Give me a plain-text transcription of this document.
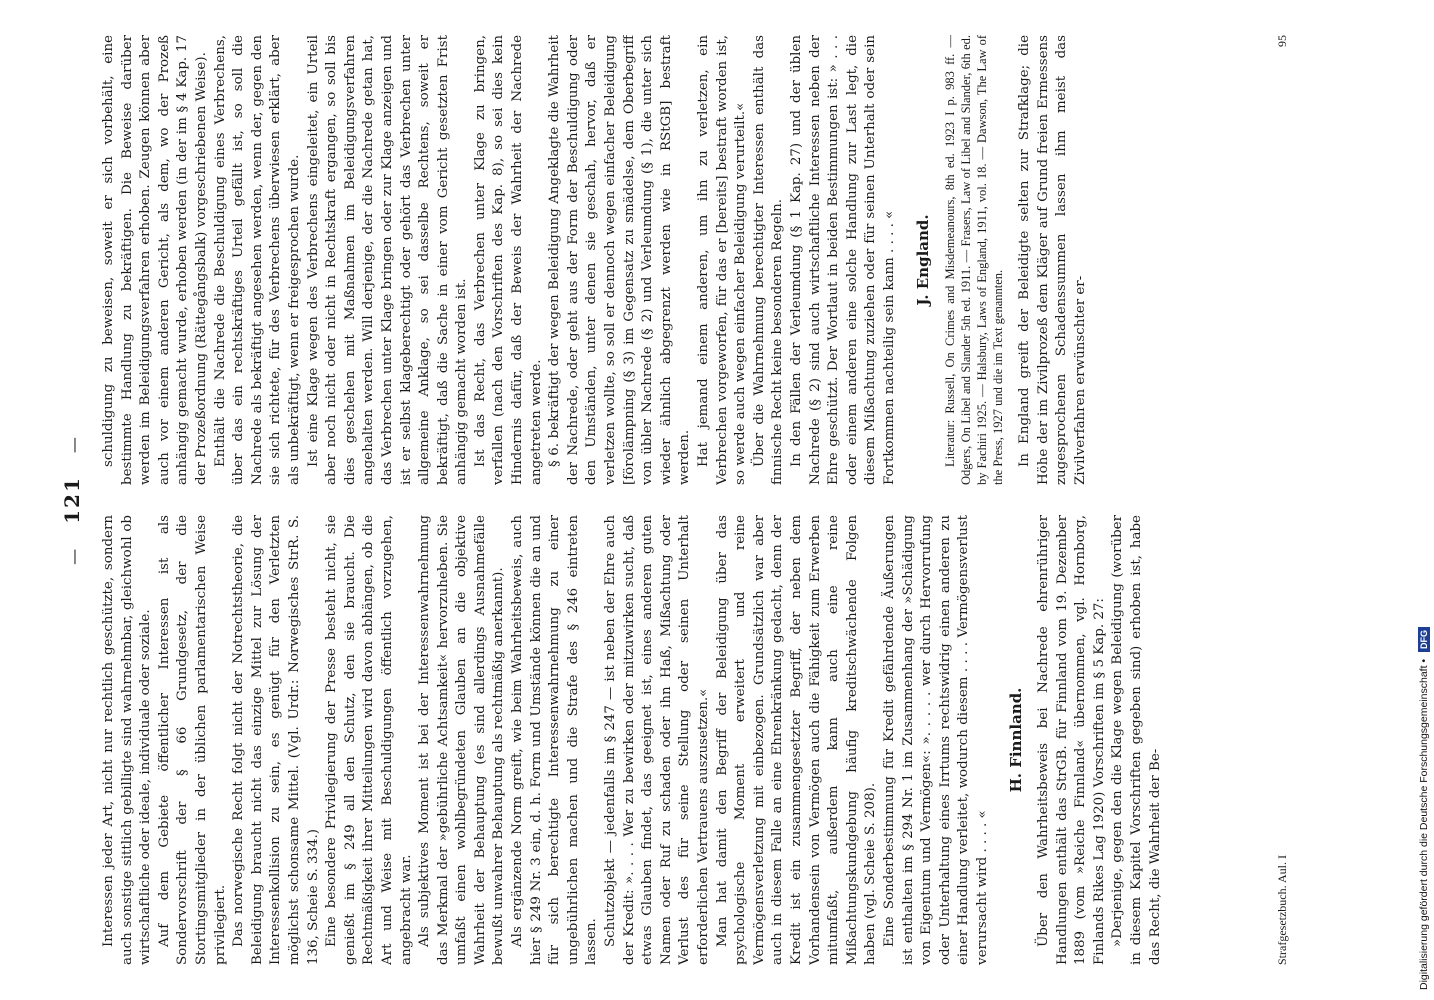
— 121 —

Interessen jeder Art, nicht nur rechtlich geschützte, sondern auch sonstige sittlich gebilligte sind wahrnehmbar, gleichwohl ob wirtschaftliche oder ideale, individuale oder soziale. Auf dem Gebiete öffentlicher Interessen ist als Sondervorschrift der § 66 Grundgesetz, der die Stortingsmitglieder in der üblichen parlamentarischen Weise privilegiert. Das norwegische Recht folgt nicht der Notrechtstheorie, die Beleidigung braucht nicht das einzige Mittel zur Lösung der Interessenkollision zu sein, es genügt für den Verletzten möglichst schonsame Mittel. (Vgl. Urdr.: Norwegisches StrR. S. 136, Scheie S. 334.) Eine besondere Privilegierung der Presse besteht nicht, sie genießt im § 249 all den Schutz, den sie braucht. Die Rechtmäßigkeit ihrer Mitteilungen wird davon abhängen, ob die Art und Weise mit Beschuldigungen öffentlich vorzugehen, angebracht war. Als subjektives Moment ist bei der Interessenwahrnehmung das Merkmal der »gebührliche Achtsamkeit« hervorzuheben. Sie umfaßt einen wohlbegründeten Glauben an die objektive Wahrheit der Behauptung (es sind allerdings Ausnahmefälle bewußt unwahrer Behauptung als rechtmäßig anerkannt). Als ergänzende Norm greift, wie beim Wahrheitsbeweis, auch hier § 249 Nr. 3 ein, d. h. Form und Umstände können die an und für sich berechtigte Interessenwahrnehmung zu einer ungebührlichen machen und die Strafe des § 246 eintreten lassen. Schutzobjekt — jedenfalls im § 247 — ist neben der Ehre auch der Kredit: ». . . . Wer zu bewirken oder mitzuwirken sucht, daß etwas Glauben findet, das geeignet ist, eines anderen guten Namen oder Ruf zu schaden oder ihn Haß, Mißachtung oder Verlust des für seine Stellung oder seinen Unterhalt erforderlichen Vertrauens auszusetzen.« Man hat damit den Begriff der Beleidigung über das psychologische Moment erweitert und reine Vermögensverletzung mit einbezogen. Grundsätzlich war aber auch in diesem Falle an eine Ehrenkränkung gedacht, denn der Kredit ist ein zusammengesetzter Begriff, der neben dem Vorhandensein von Vermögen auch die Fähigkeit zum Erwerben mitumfaßt, außerdem kann auch eine reine Mißachtungskundgebung häufig kreditschwächende Folgen haben (vgl. Scheie S. 208). Eine Sonderbestimmung für Kredit gefährdende Äußerungen ist enthalten im § 294 Nr. 1 im Zusammenhang der »Schädigung von Eigentum und Vermögen«: ». . . . . wer durch Hervorrufung oder Unterhaltung eines Irrtums rechtswidrig einen anderen zu einer Handlung verleitet, wodurch diesem . . . . Vermögensverlust verursacht wird . . . . «

H. Finnland. Über den Wahrheitsbeweis bei Nachrede ehrenrühriger Handlungen enthält das StrGB. für Finnland vom 19. Dezember 1889 (vom »Reiche Finnland« übernommen, vgl. Hornborg, Finlands Rikes Lag 1920) Vorschriften im § 5 Kap. 27: »Derjenige, gegen den die Klage wegen Beleidigung (worüber in diesem Kapitel Vorschriften gegeben sind) erhoben ist, habe das Recht, die Wahrheit der Be-

schuldigung zu beweisen, soweit er sich vorbehält, eine bestimmte Handlung zu bekräftigen. Die Beweise darüber werden im Beleidigungsverfahren erhoben. Zeugen können aber auch vor einem anderen Gericht, als dem, wo der Prozeß anhängig gemacht wurde, erhoben werden (in der im § 4 Kap. 17 der Prozeßordnung (Rättegångsbalk) vorgeschriebenen Weise). Enthält die Nachrede die Beschuldigung eines Verbrechens, über das ein rechtskräftiges Urteil gefällt ist, so soll die Nachrede als bekräftigt angesehen werden, wenn der, gegen den sie sich richtete, für des Verbrechens überwiesen erklärt, aber als unbekräftigt, wenn er freigesprochen wurde. Ist eine Klage wegen des Verbrechens eingeleitet, ein Urteil aber noch nicht oder nicht in Rechtskraft ergangen, so soll bis dies geschehen mit Maßnahmen im Beleidigungsverfahren angehalten werden. Will derjenige, der die Nachrede getan hat, das Verbrechen unter Klage bringen oder zur Klage anzeigen und ist er selbst klageberechtigt oder gehört das Verbrechen unter allgemeine Anklage, so sei dasselbe Rechtens, soweit er bekräftigt, daß die Sache in einer vom Gericht gesetzten Frist anhängig gemacht worden ist. Ist das Recht, das Verbrechen unter Klage zu bringen, verfallen (nach den Vorschriften des Kap. 8), so sei dies kein Hindernis dafür, daß der Beweis der Wahrheit der Nachrede angetreten werde. § 6. bekräftigt der wegen Beleidigung Angeklagte die Wahrheit der Nachrede, oder geht aus der Form der Beschuldigung oder den Umständen, unter denen sie geschah, hervor, daß er verletzen wollte, so soll er dennoch wegen einfacher Beleidigung [förolämpning (§ 3) im Gegensatz zu smädelse, dem Oberbegriff von übler Nachrede (§ 2) und Verleumdung (§ 1), die unter sich wieder ähnlich abgegrenzt werden wie in RStGB] bestraft werden. Hat jemand einem anderen, um ihn zu verletzen, ein Verbrechen vorgeworfen, für das er [bereits] bestraft worden ist, so werde auch wegen einfacher Beleidigung verurteilt.« Über die Wahrnehmung berechtigter Interessen enthält das finnische Recht keine besonderen Regeln. In den Fällen der Verleumdung (§ 1 Kap. 27) und der üblen Nachrede (§ 2) sind auch wirtschaftliche Interessen neben der Ehre geschützt. Der Wortlaut in beiden Bestimmungen ist: » . . . oder einem anderen eine solche Handlung zur Last legt, die diesem Mißachtung zuziehen oder für seinen Unterhalt oder sein Fortkommen nachteilig sein kann . . . . « J. England. Literatur: Russell, On Crimes and Misdemeanours, 8th ed. 1923 I p. 983 ff. — Odgers, On Libel and Slander 5th ed. 1911. — Frasers, Law of Libel and Slander, 6th ed. by Fachiri 1925. — Halsbury, Laws of England, 1911, vol. 18. — Dawson, The Law of the Press, 1927 und die im Text genannten. In England greift der Beleidigte selten zur Strafklage; die Höhe der im Zivilprozeß dem Kläger auf Grund freien Ermessens zugesprochenen Schadenssummen lassen ihm meist das Zivilverfahren erwünschter er-

Strafgesetzbuch. Aul. I
95
Digitalisierung gefördert durch die Deutsche Forschungsgemeinschaft • DFG
